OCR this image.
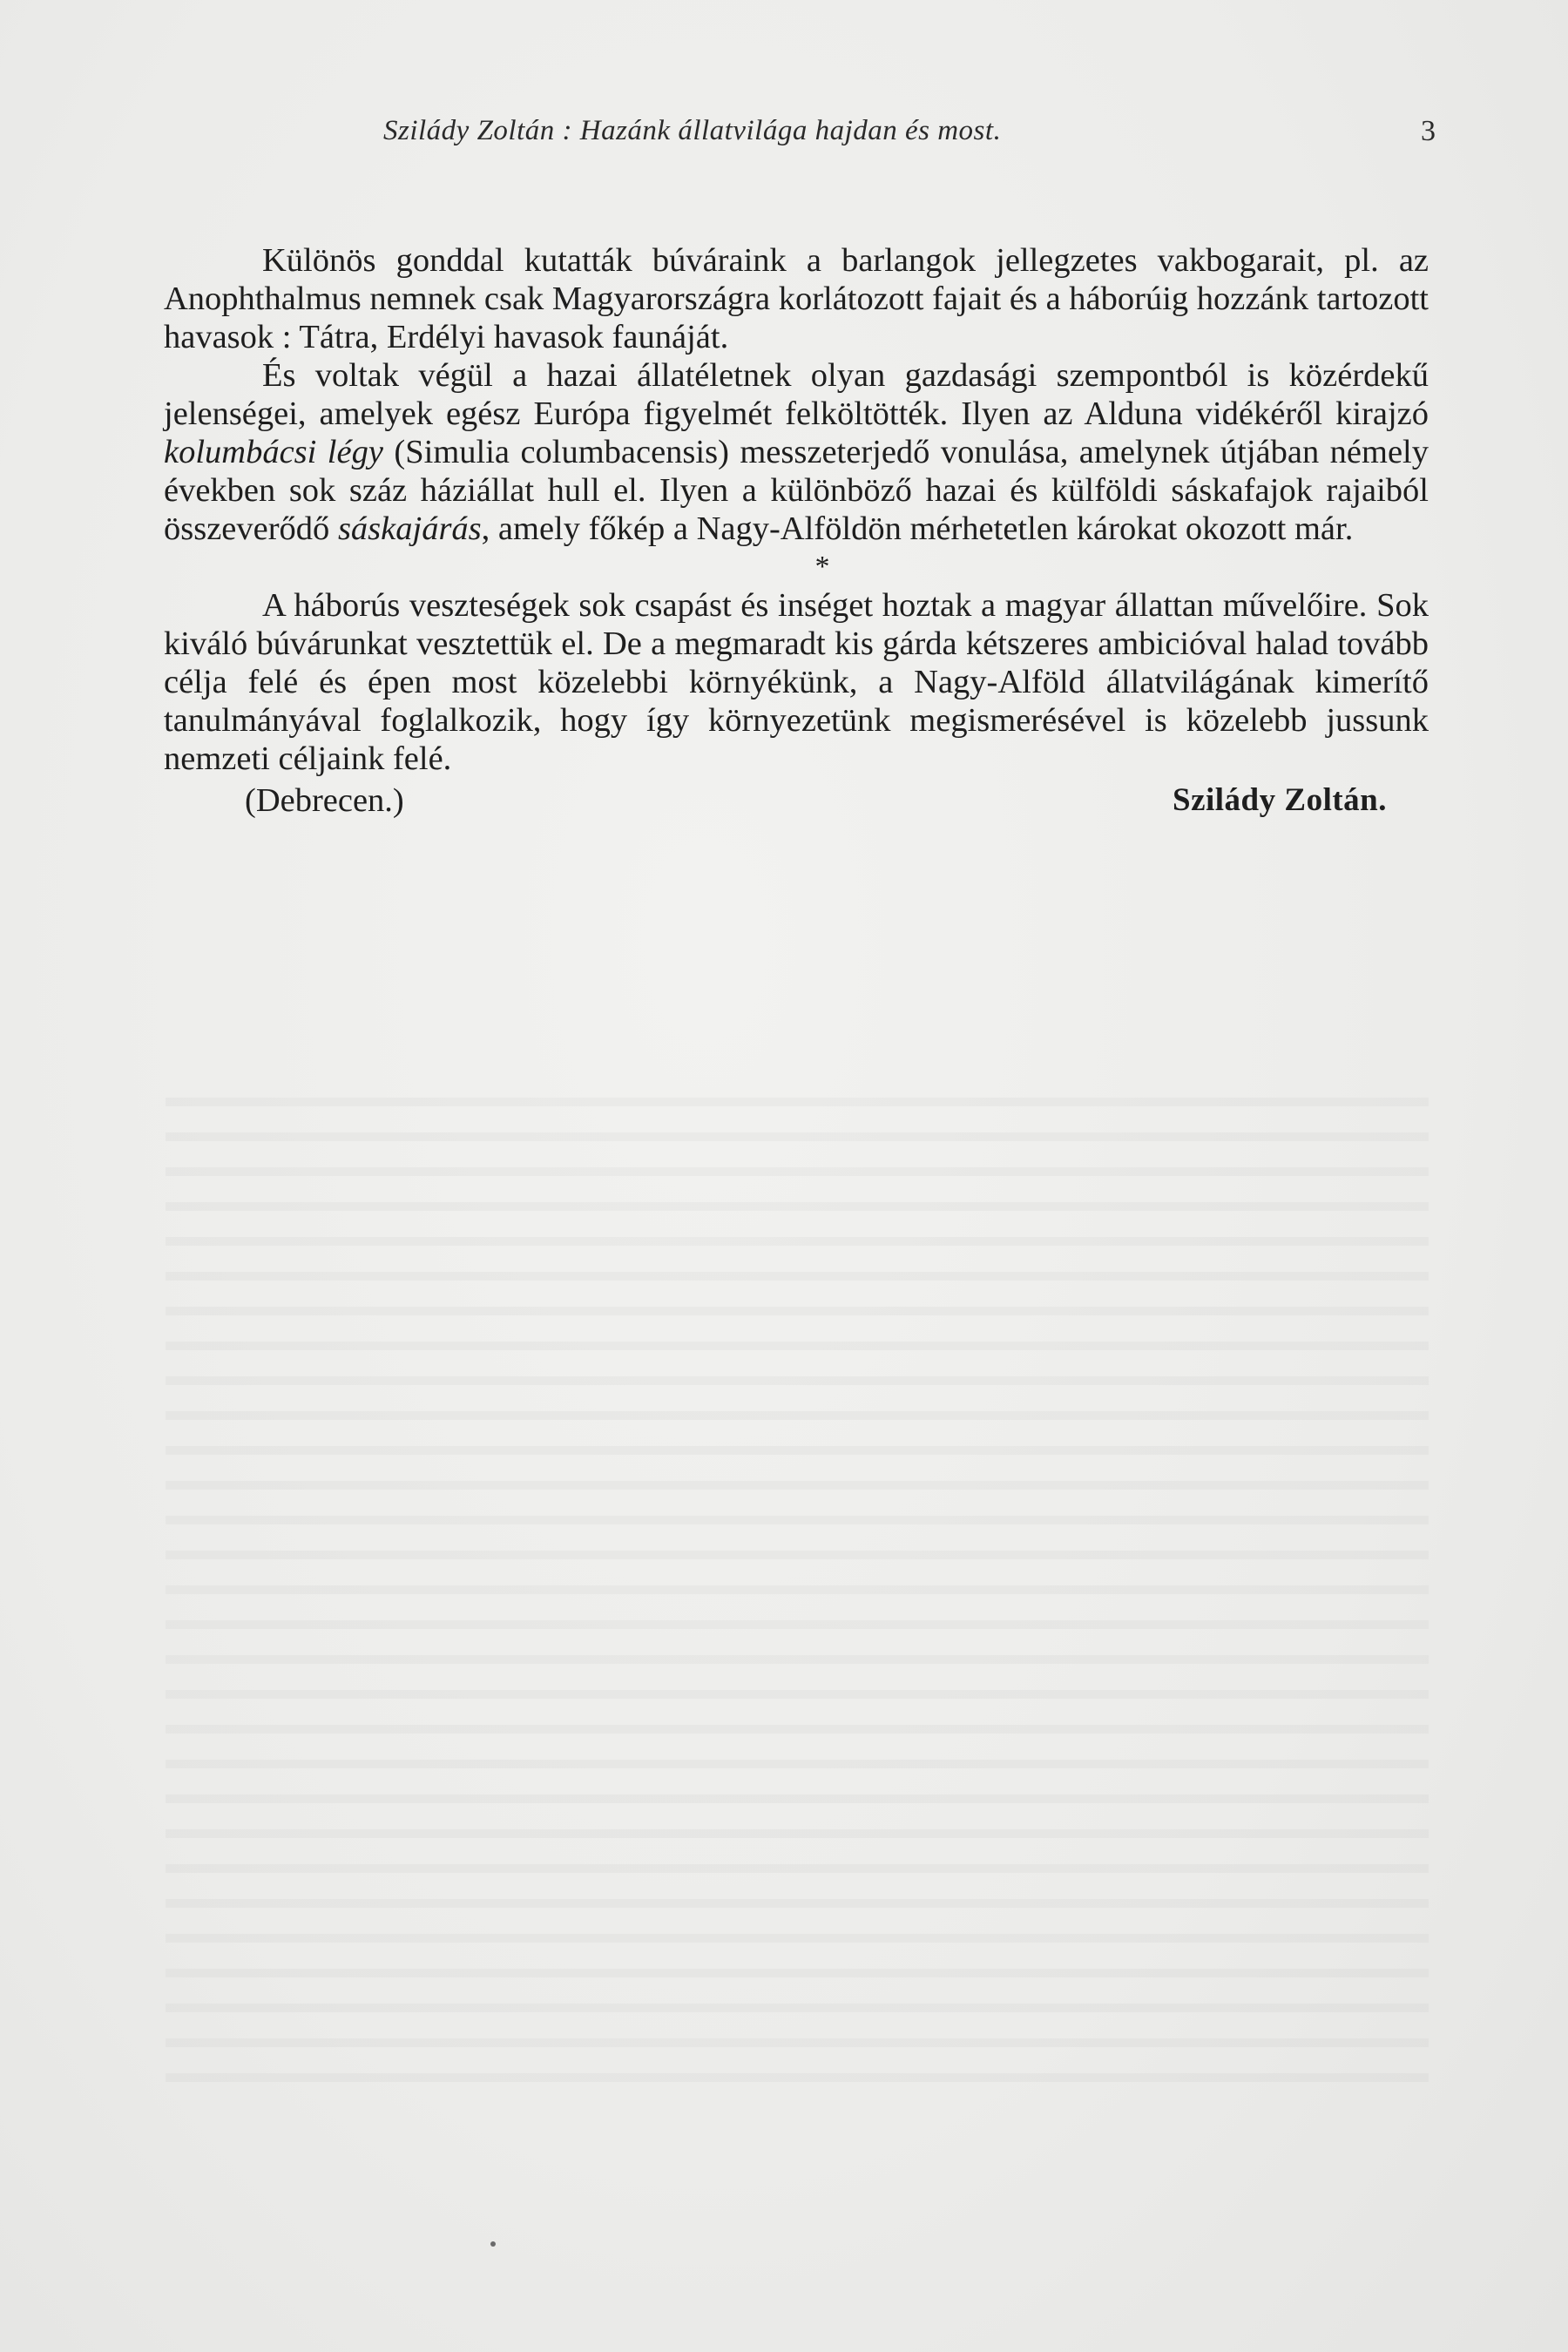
Szilády Zoltán : Hazánk állatvilága hajdan és most.	3

Különös gonddal kutatták búváraink a barlangok jellegzetes vakbogarait, pl. az Anophthalmus nemnek csak Magyarországra korlátozott fajait és a háborúig hozzánk tartozott havasok : Tátra, Erdélyi havasok faunáját.

És voltak végül a hazai állatéletnek olyan gazdasági szempontból is közérdekű jelenségei, amelyek egész Európa figyelmét felköltötték. Ilyen az Alduna vidékéről kirajzó kolumbácsi légy (Simulia columbacensis) messzeterjedő vonulása, amelynek útjában némely években sok száz háziállat hull el. Ilyen a különböző hazai és külföldi sáskafajok rajaiból összeverődő sáskajárás, amely főkép a Nagy-Alföldön mérhetetlen károkat okozott már.

*

A háborús veszteségek sok csapást és inséget hoztak a magyar állattan művelőire. Sok kiváló búvárunkat vesztettük el. De a megmaradt kis gárda kétszeres ambicióval halad tovább célja felé és épen most közelebbi környékünk, a Nagy-Alföld állatvilágának kimerítő tanulmányával foglalkozik, hogy így környezetünk megismerésével is közelebb jussunk nemzeti céljaink felé.

(Debrecen.)	Szilády Zoltán.
